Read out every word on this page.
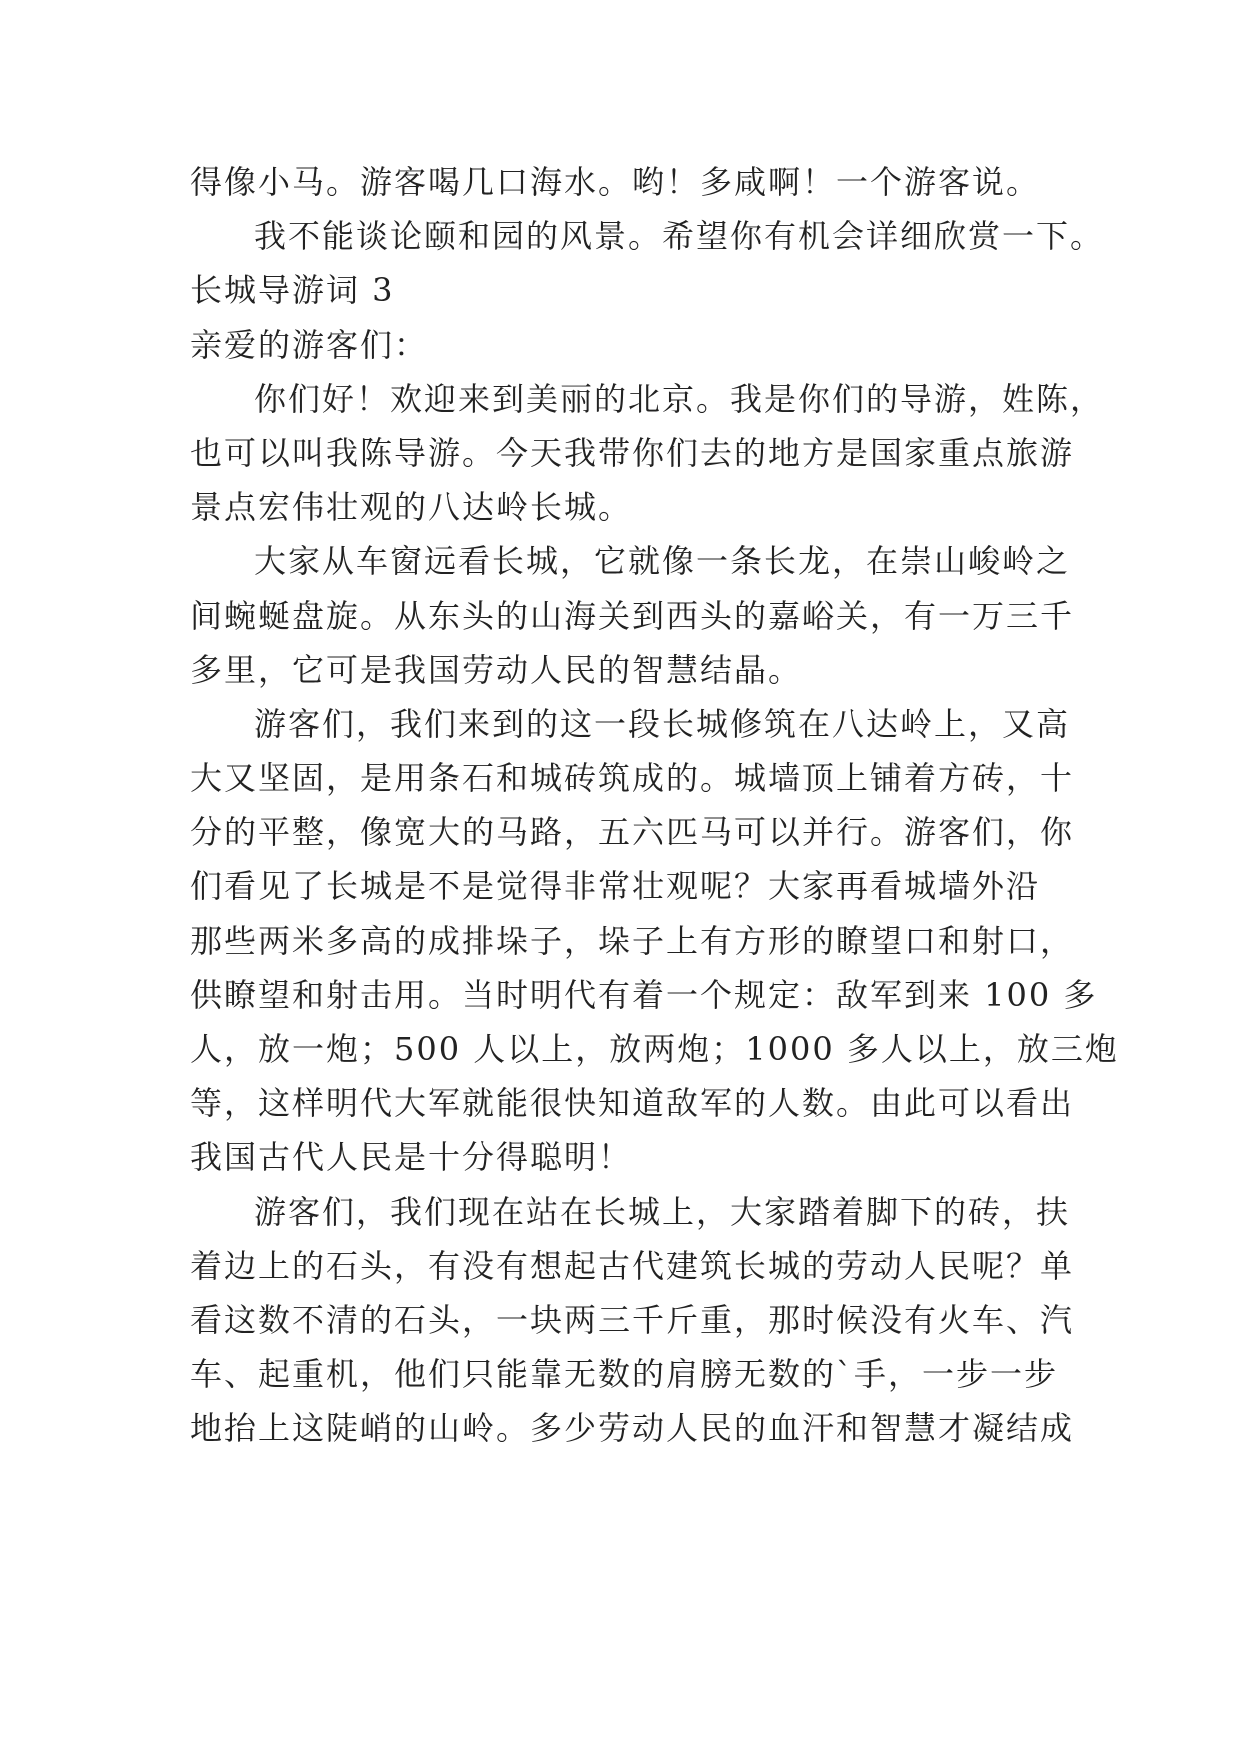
得像小马。游客喝几口海水。哟！多咸啊！一个游客说。
我不能谈论颐和园的风景。希望你有机会详细欣赏一下。
长城导游词 3
亲爱的游客们：
你们好！欢迎来到美丽的北京。我是你们的导游，姓陈，
也可以叫我陈导游。今天我带你们去的地方是国家重点旅游
景点宏伟壮观的八达岭长城。
大家从车窗远看长城，它就像一条长龙，在崇山峻岭之
间蜿蜒盘旋。从东头的山海关到西头的嘉峪关，有一万三千
多里，它可是我国劳动人民的智慧结晶。
游客们，我们来到的这一段长城修筑在八达岭上，又高
大又坚固，是用条石和城砖筑成的。城墙顶上铺着方砖，十
分的平整，像宽大的马路，五六匹马可以并行。游客们，你
们看见了长城是不是觉得非常壮观呢？大家再看城墙外沿
那些两米多高的成排垛子，垛子上有方形的瞭望口和射口，
供瞭望和射击用。当时明代有着一个规定：敌军到来 100 多
人，放一炮；500 人以上，放两炮；1000 多人以上，放三炮
等，这样明代大军就能很快知道敌军的人数。由此可以看出
我国古代人民是十分得聪明！
游客们，我们现在站在长城上，大家踏着脚下的砖，扶
着边上的石头，有没有想起古代建筑长城的劳动人民呢？单
看这数不清的石头，一块两三千斤重，那时候没有火车、汽
车、起重机，他们只能靠无数的肩膀无数的`手，一步一步
地抬上这陡峭的山岭。多少劳动人民的血汗和智慧才凝结成
